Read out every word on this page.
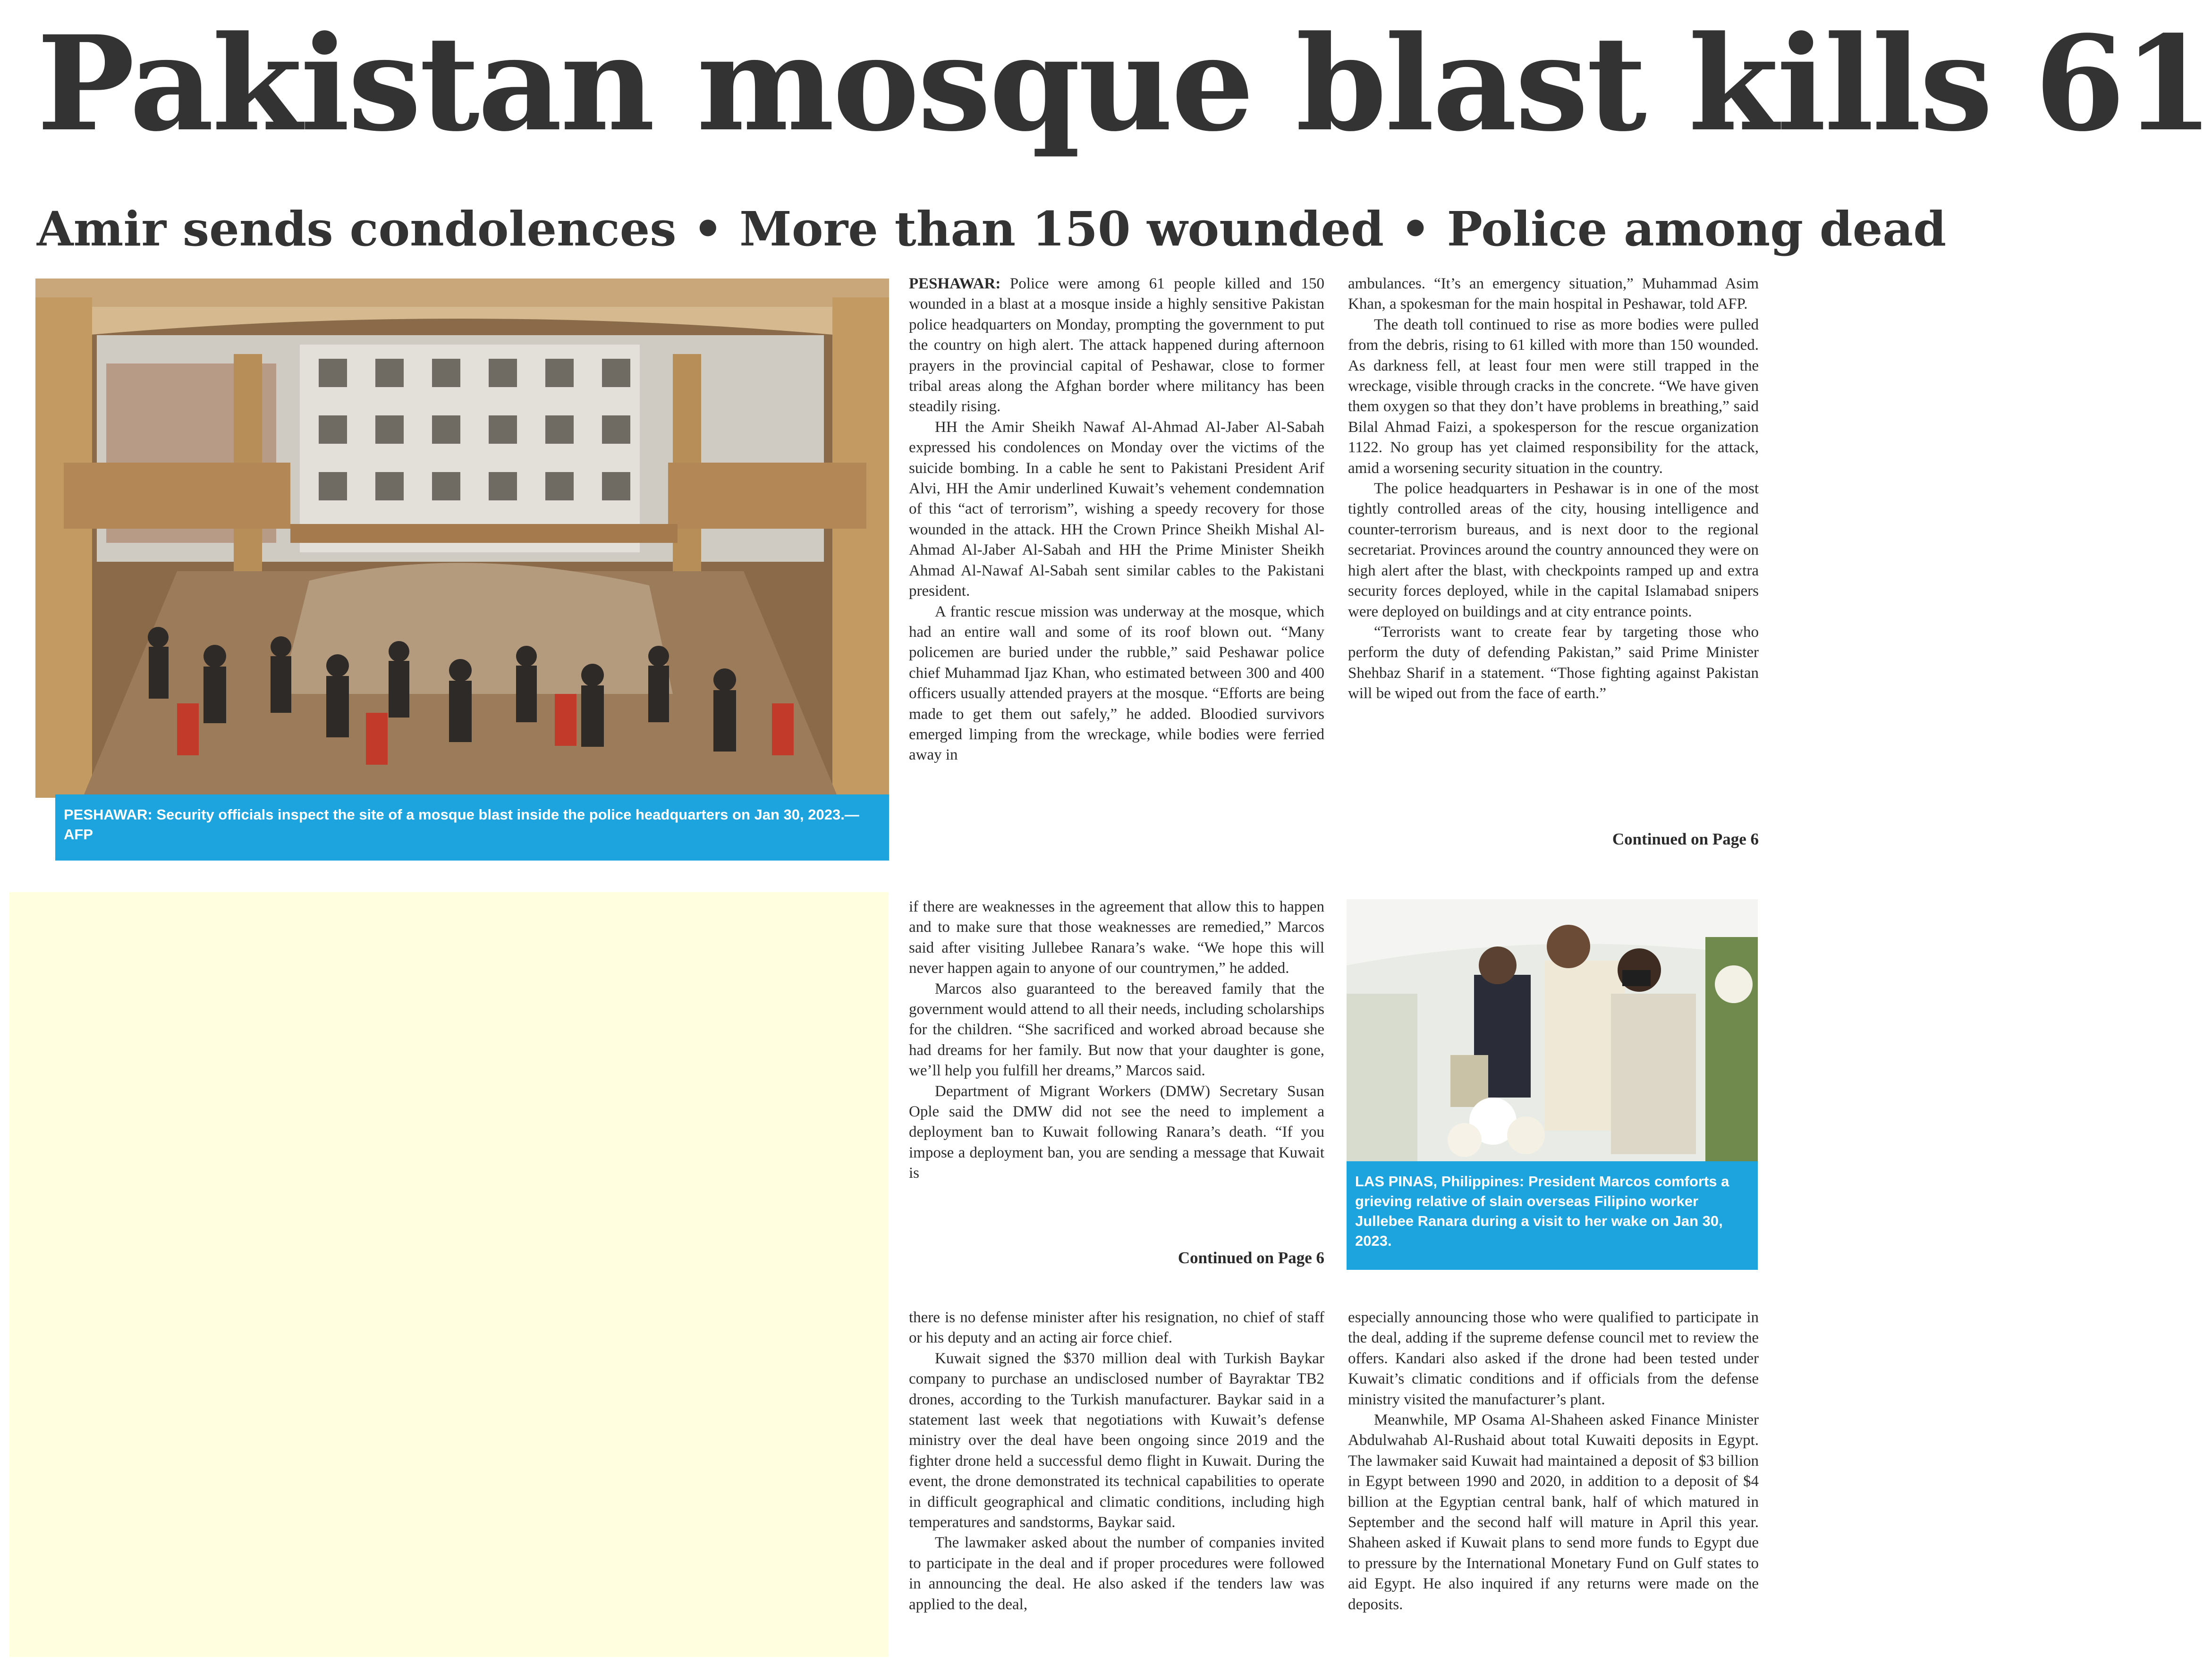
Pakistan mosque blast kills 61
Amir sends condolences • More than 150 wounded • Police among dead
PESHAWAR: Security officials inspect the site of a mosque blast inside the police headquarters on Jan 30, 2023.— AFP

PESHAWAR: Police were among 61 people killed and 150 wounded in a blast at a mosque inside a highly sensitive Pakistan police headquarters on Monday, prompting the government to put the country on high alert. The attack happened during afternoon prayers in the provincial capital of Peshawar, close to former tribal areas along the Afghan border where militancy has been steadily rising.

HH the Amir Sheikh Nawaf Al-Ahmad Al-Jaber Al-Sabah expressed his condolences on Monday over the victims of the suicide bombing. In a cable he sent to Pakistani President Arif Alvi, HH the Amir underlined Kuwait’s vehement condemnation of this “act of terrorism”, wishing a speedy recovery for those wounded in the attack. HH the Crown Prince Sheikh Mishal Al-Ahmad Al-Jaber Al-Sabah and HH the Prime Minister Sheikh Ahmad Al-Nawaf Al-Sabah sent similar cables to the Pakistani president.

A frantic rescue mission was underway at the mosque, which had an entire wall and some of its roof blown out. “Many policemen are buried under the rubble,” said Peshawar police chief Muhammad Ijaz Khan, who estimated between 300 and 400 officers usually attended prayers at the mosque. “Efforts are being made to get them out safely,” he added. Bloodied survivors emerged limping from the wreckage, while bodies were ferried away in

ambulances. “It’s an emergency situation,” Muhammad Asim Khan, a spokesman for the main hospital in Peshawar, told AFP.

The death toll continued to rise as more bodies were pulled from the debris, rising to 61 killed with more than 150 wounded. As darkness fell, at least four men were still trapped in the wreckage, visible through cracks in the concrete. “We have given them oxygen so that they don’t have problems in breathing,” said Bilal Ahmad Faizi, a spokesperson for the rescue organization 1122. No group has yet claimed responsibility for the attack, amid a worsening security situation in the country.

The police headquarters in Peshawar is in one of the most tightly controlled areas of the city, housing intelligence and counter-terrorism bureaus, and is next door to the regional secretariat. Provinces around the country announced they were on high alert after the blast, with checkpoints ramped up and extra security forces deployed, while in the capital Islamabad snipers were deployed on buildings and at city entrance points.

“Terrorists want to create fear by targeting those who perform the duty of defending Pakistan,” said Prime Minister Shehbaz Sharif in a statement. “Those fighting against Pakistan will be wiped out from the face of earth.”

Continued on Page 6

if there are weaknesses in the agreement that allow this to happen and to make sure that those weaknesses are remedied,” Marcos said after visiting Jullebee Ranara’s wake. “We hope this will never happen again to anyone of our countrymen,” he added.

Marcos also guaranteed to the bereaved family that the government would attend to all their needs, including scholarships for the children. “She sacrificed and worked abroad because she had dreams for her family. But now that your daughter is gone, we’ll help you fulfill her dreams,” Marcos said.

Department of Migrant Workers (DMW) Secretary Susan Ople said the DMW did not see the need to implement a deployment ban to Kuwait following Ranara’s death. “If you impose a deployment ban, you are sending a message that Kuwait is

Continued on Page 6
LAS PINAS, Philippines: President Marcos comforts a grieving relative of slain overseas Filipino worker Jullebee Ranara during a visit to her wake on Jan 30, 2023.

there is no defense minister after his resignation, no chief of staff or his deputy and an acting air force chief.

Kuwait signed the $370 million deal with Turkish Baykar company to purchase an undisclosed number of Bayraktar TB2 drones, according to the Turkish manufacturer. Baykar said in a statement last week that negotiations with Kuwait’s defense ministry over the deal have been ongoing since 2019 and the fighter drone held a successful demo flight in Kuwait. During the event, the drone demonstrated its technical capabilities to operate in difficult geographical and climatic conditions, including high temperatures and sandstorms, Baykar said.

The lawmaker asked about the number of companies invited to participate in the deal and if proper procedures were followed in announcing the deal. He also asked if the tenders law was applied to the deal,

especially announcing those who were qualified to participate in the deal, adding if the supreme defense council met to review the offers. Kandari also asked if the drone had been tested under Kuwait’s climatic conditions and if officials from the defense ministry visited the manufacturer’s plant.

Meanwhile, MP Osama Al-Shaheen asked Finance Minister Abdulwahab Al-Rushaid about total Kuwaiti deposits in Egypt. The lawmaker said Kuwait had maintained a deposit of $3 billion in Egypt between 1990 and 2020, in addition to a deposit of $4 billion at the Egyptian central bank, half of which matured in September and the second half will mature in April this year. Shaheen asked if Kuwait plans to send more funds to Egypt due to pressure by the International Monetary Fund on Gulf states to aid Egypt. He also inquired if any returns were made on the deposits.
